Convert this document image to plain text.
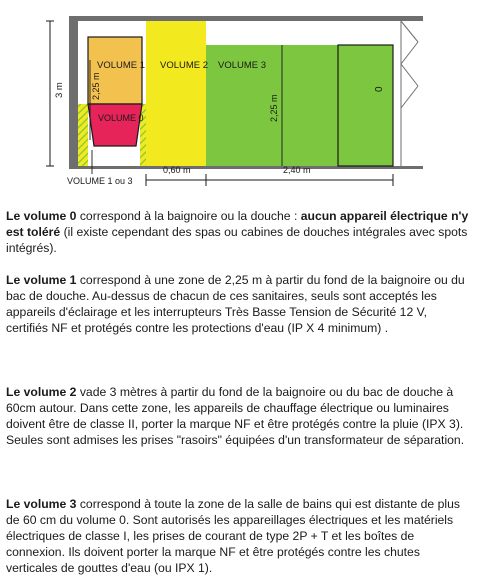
0
VOLUME 1
VOLUME 0
VOLUME 2 VOLUME 3
3 m	2,25 m
2,25 m
0,60 m	2,40 m
VOLUME 1 ou 3

Le volume 0 correspond à la baignoire ou la douche : aucun appareil électrique n'y est toléré (il existe cependant des spas ou cabines de douches intégrales avec spots intégrés).

Le volume 1 correspond à une zone de 2,25 m à partir du fond de la baignoire ou du bac de douche. Au-dessus de chacun de ces sanitaires, seuls sont acceptés les appareils d'éclairage et les interrupteurs Très Basse Tension de Sécurité 12 V, certifiés NF et protégés contre les protections d'eau (IP X 4 minimum) .

Le volume 2 vade 3 mètres à partir du fond de la baignoire ou du bac de douche à 60cm autour. Dans cette zone, les appareils de chauffage électrique ou luminaires doivent être de classe II, porter la marque NF et être protégés contre la pluie (IPX 3). Seules sont admises les prises "rasoirs" équipées d'un transformateur de séparation.

Le volume 3 correspond à toute la zone de la salle de bains qui est distante de plus de 60 cm du volume 0. Sont autorisés les appareillages électriques et les matériels électriques de classe I, les prises de courant de type 2P + T et les boîtes de connexion. Ils doivent porter la marque NF et être protégés contre les chutes verticales de gouttes d'eau (ou IPX 1).
